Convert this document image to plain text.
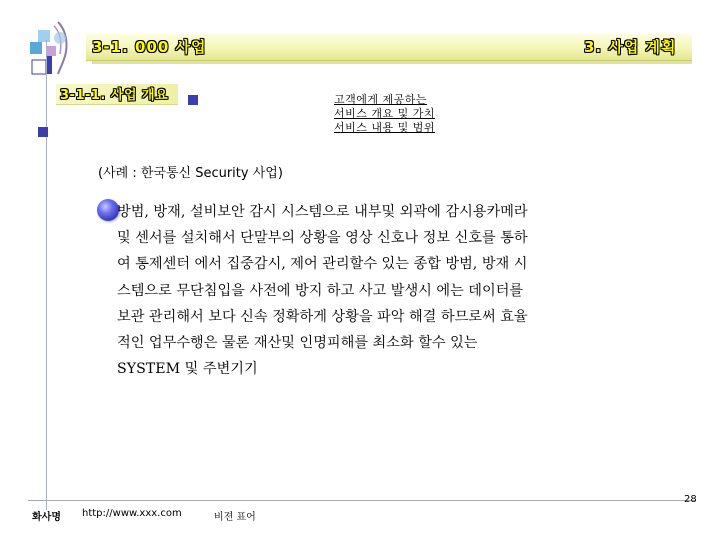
3-1. 000 사업	3. 사업 계획
3-1-1. 사업 개요	고객에게 제공하는
서비스 개요 및 가치
서비스 내용 및 범위
(사례 : 한국통신 Security 사업)
방범, 방재, 설비보안 감시 시스템으로 내부및 외곽에 감시용카메라
및 센서를 설치해서 단말부의 상황을 영상 신호나 정보 신호를 통하
여 통제센터 에서 집중감시, 제어 관리할수 있는 종합 방범, 방재 시
스템으로 무단침입을 사전에 방지 하고 사고 발생시 에는 데이터를
보관 관리해서 보다 신속 정확하게 상황을 파악 해결 하므로써 효율
적인 업무수행은 물론 재산및 인명피해를 최소화 할수 있는
SYSTEM 및 주변기기
화사명 http://www.xxx.com	비젼 표어
28
